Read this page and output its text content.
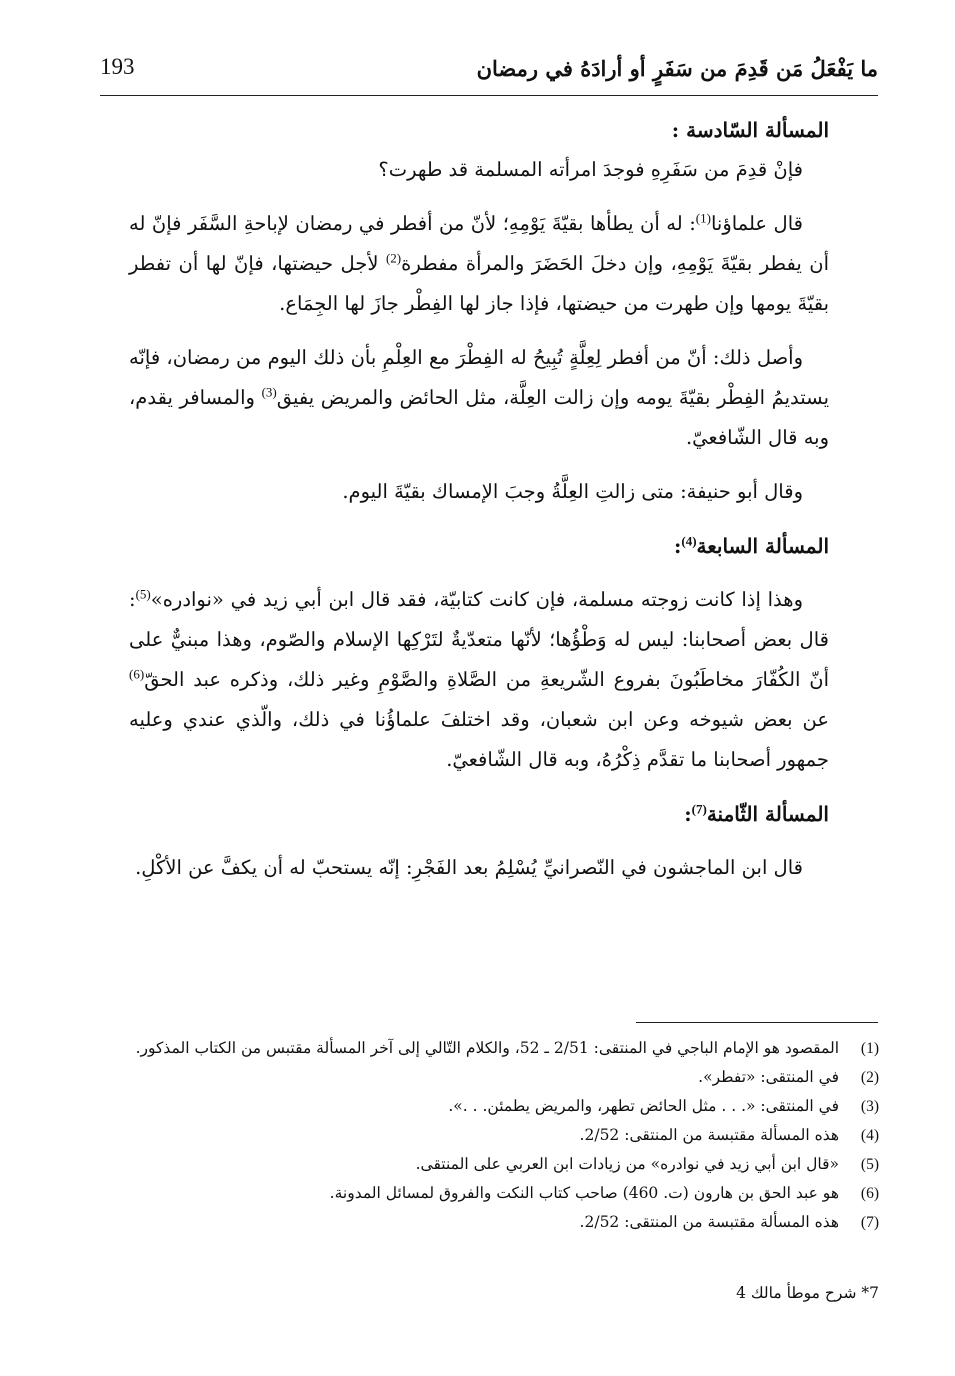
ما يَفْعَلُ مَن قَدِمَ من سَفَرٍ أو أرادَهُ في رمضان
193

المسألة السّادسة :

فإنْ قدِمَ من سَفَرِهِ فوجدَ امرأته المسلمة قد طهرت؟

قال علماؤنا$^{(1)}$: له أن يطأها بقيّةَ يَوْمِهِ؛ لأنّ من أفطر في رمضان لإباحةِ السَّفَر فإنّ له أن يفطر بقيّةَ يَوْمِهِ، وإن دخلَ الحَضَرَ والمرأة مفطرة$^{(2)}$ لأجل حيضتها، فإنّ لها أن تفطر بقيّةَ يومها وإن طهرت من حيضتها، فإذا جاز لها الفِطْر جازَ لها الجِمَاع.

وأصل ذلك: أنّ من أفطر لِعِلَّةٍ تُبِيحُ له الفِطْرَ مع العِلْمِ بأن ذلك اليوم من رمضان، فإنّه يستديمُ الفِطْر بقيّةَ يومه وإن زالت العِلَّة، مثل الحائض والمريض يفيق$^{(3)}$ والمسافر يقدم، وبه قال الشّافعيّ.

وقال أبو حنيفة: متى زالتِ العِلَّةُ وجبَ الإمساك بقيّةَ اليوم.

المسألة السابعة$^{(4)}$:

وهذا إذا كانت زوجته مسلمة، فإن كانت كتابيّة، فقد قال ابن أبي زيد في «نوادره»$^{(5)}$: قال بعض أصحابنا: ليس له وَطْؤُها؛ لأنّها متعدّيةٌ لتَرْكِها الإسلام والصّوم، وهذا مبنيٌّ على أنّ الكُفّارَ مخاطَبُونَ بفروع الشّريعةِ من الصَّلاةِ والصَّوْمِ وغير ذلك، وذكره عبد الحقّ$^{(6)}$ عن بعض شيوخه وعن ابن شعبان، وقد اختلفَ علماؤُنا في ذلك، والّذي عندي وعليه جمهور أصحابنا ما تقدَّم ذِكْرُهُ، وبه قال الشّافعيّ.

المسألة الثّامنة$^{(7)}$:

قال ابن الماجشون في النّصرانيِّ يُسْلِمُ بعد الفَجْرِ: إنّه يستحبّ له أن يكفَّ عن الأكْلِ.

(1)
المقصود هو الإمام الباجي في المنتقى: 2/51 ـ 52، والكلام التّالي إلى آخر المسألة مقتبس من الكتاب المذكور.
(2)
في المنتقى: «تفطر».
(3)
في المنتقى: «. . . مثل الحائض تطهر، والمريض يطمئن. . .».
(4)
هذه المسألة مقتبسة من المنتقى: 2/52.
(5)
«قال ابن أبي زيد في نوادره» من زيادات ابن العربي على المنتقى.
(6)
هو عبد الحق بن هارون (ت. 460) صاحب كتاب النكت والفروق لمسائل المدونة.
(7)
هذه المسألة مقتبسة من المنتقى: 2/52.
7* شرح موطأ مالك 4
